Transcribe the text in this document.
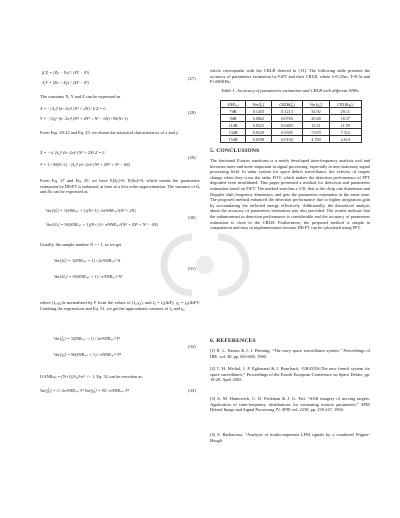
β̂₁X = [Zy − Yx] / (XY − Z²)
δ̂₁Y = [Zx − Xy] / (XY − Z²)
(27)
The constants X, Y and Z can be expressed as
X = −|A₀|² (b−2π)² (N² + 2N) / 6 Z = 0
Y = −|A₀|² (b−2π)² (N⁴ + 4N³ + N² − 6N) / 90(N+1)
(28)
From Eqs. 20-22 and Eq. 25, we obtain the statistical characteristics of x and y.
X = −¼ |A₀|² (b−2π)² (N² + 2N) Z = 0
Y = 1 / 90(N+1) · |A₀|² (b−2π)² (N⁴ + 4N³ + N² − 6N)
(29)
From Eq. 27 and Eq. 29, we have E[δ̂ₚ]=0, E[δ̂ₘ]=0, which means the parameters estimation by DFrFT is unbiased, at least at a first order approximation. The variance of δ̂ₚ and δ̂ₘ can be expressed as
Var[δ̂ₚ] = 3(SNRₙₑₜ + 1)(N+1) / 2π²SNRₙₑₜ²(N² + 2N)
Var[δ̂ₘ] = 90(SNRₙₑₜ + 1)(N+1)² / π²SNRₙₑₜ²(N⁴ + 4N³ + N² − 6N)
(30)
Usually, the sample number N >> 1, so we get
Var[δ̂ₚ] = 3(SNRₙₑₜ + 1) / 2π²SNRₙₑₜ² N
Var[δ̂ₘ] = 90(SNRₙₑₜ + 1) / π²SNRₙₑₜ² N³
(31)
where (f₀,γ₀)is normalized by F from the values of (f₀,γ₀), and f₀ = f₀(ΔtF), γ₀ = γ₀(ΔtF)². Combing the expressions and Eq. 31, we get the approximate variance of f₀ and γ₀
Var[f̂₀] = 3(SNRₙₑₜ + 1) / 2π²SNRₙₑₜ² T²
Var[γ̂₀] = 90(SNRₙₑₜ + 1) / π²SNRₙₑₜ² T⁴
(32)
If SNRₙₑₜ = (N+1)|A₀|²/σ² >> 1, Eq. 32 can be rewritten as
Var[f̂₀] = 3 / 2π²SNRₙₑₜ T² Var[γ̂₀] = 90 / π²SNRₙₑₜ T⁴	(33)
which corresponds with the CRLB derived in [13]. The following table presents the accuracy of parameters estimation by FrFT and their CRLB, where λ=0.25m, T=0.5s and F=200KHz.
Table 1. Accuracy of parameters estimation and CRLB with different SNRs
SNRₙₑₜ	Var[f̂₀]	CRLB(f̂₀)	Var[γ̂₀]	CRLB(γ̂₀)
7dB	0.1455	0.1213	34.92	29.11
9dB	0.0862	0.0765	20.68	18.37
11dB	0.0521	0.0483	12.51	11.59
13dB	0.0320	0.0305	7.679	7.312
15dB	0.0198	0.0192	4.760	4.614
5. CONCLUSIONS
The fractional Fourier transform is a newly developed time-frequency analysis tool and becomes more and more important in signal processing, especially in non-stationary signal processing field. In radar system for space debris surveillance, the velocity of targets change when they cross the radar FOV, which makes the detection performance of FFT degraded even invalidated. This paper presented a method for detection and parameters estimation based on FrFT. The method searches a 2-D, that is the chirp rate dimension and Doppler shift frequency dimension, and gets the parameters estimation at the same time. The proposed method enhanced the detection performance due to higher integration gain by accumulating the reflected energy effectively. Additionally, the theoretical analysis about the accuracy of parameters estimation was also provided. The results indicate that the enhancement in detection performance is considerable and the accuracy of parameters estimation is close to the CRLB. Furthermore, the proposed method is simple in computation and easy in implementation because DFrFT can be calculated using FFT.
6. REFERENCES
[1] R. L. Easton & J. J. Fleming, “The navy space surveillance system,” Proceedings of IRE, vol. 48, pp. 663-669, 1960.
[2] T. H. Michal, J. P. Eglizeaud & J. Bouchard, “GRAVES:The new french system for space surveillance,” Proceedings of the Fourth European Conference on Space Debris, pp. 18-20, April 2005.
[3] A. M. Haimovich, C. D. Peckham & J. G. Teti. “SAR imagery of moving targets: Application of time-frequency distributions for estimating motion parameters,” SPIE Hybrid Image and Signal Processing IV, SPIE vol. 2238, pp. 238-247, 1994.
[4] S. Barbarossa, “Analysis of multicomponent LFM signals by a combined Wigner-Hough
